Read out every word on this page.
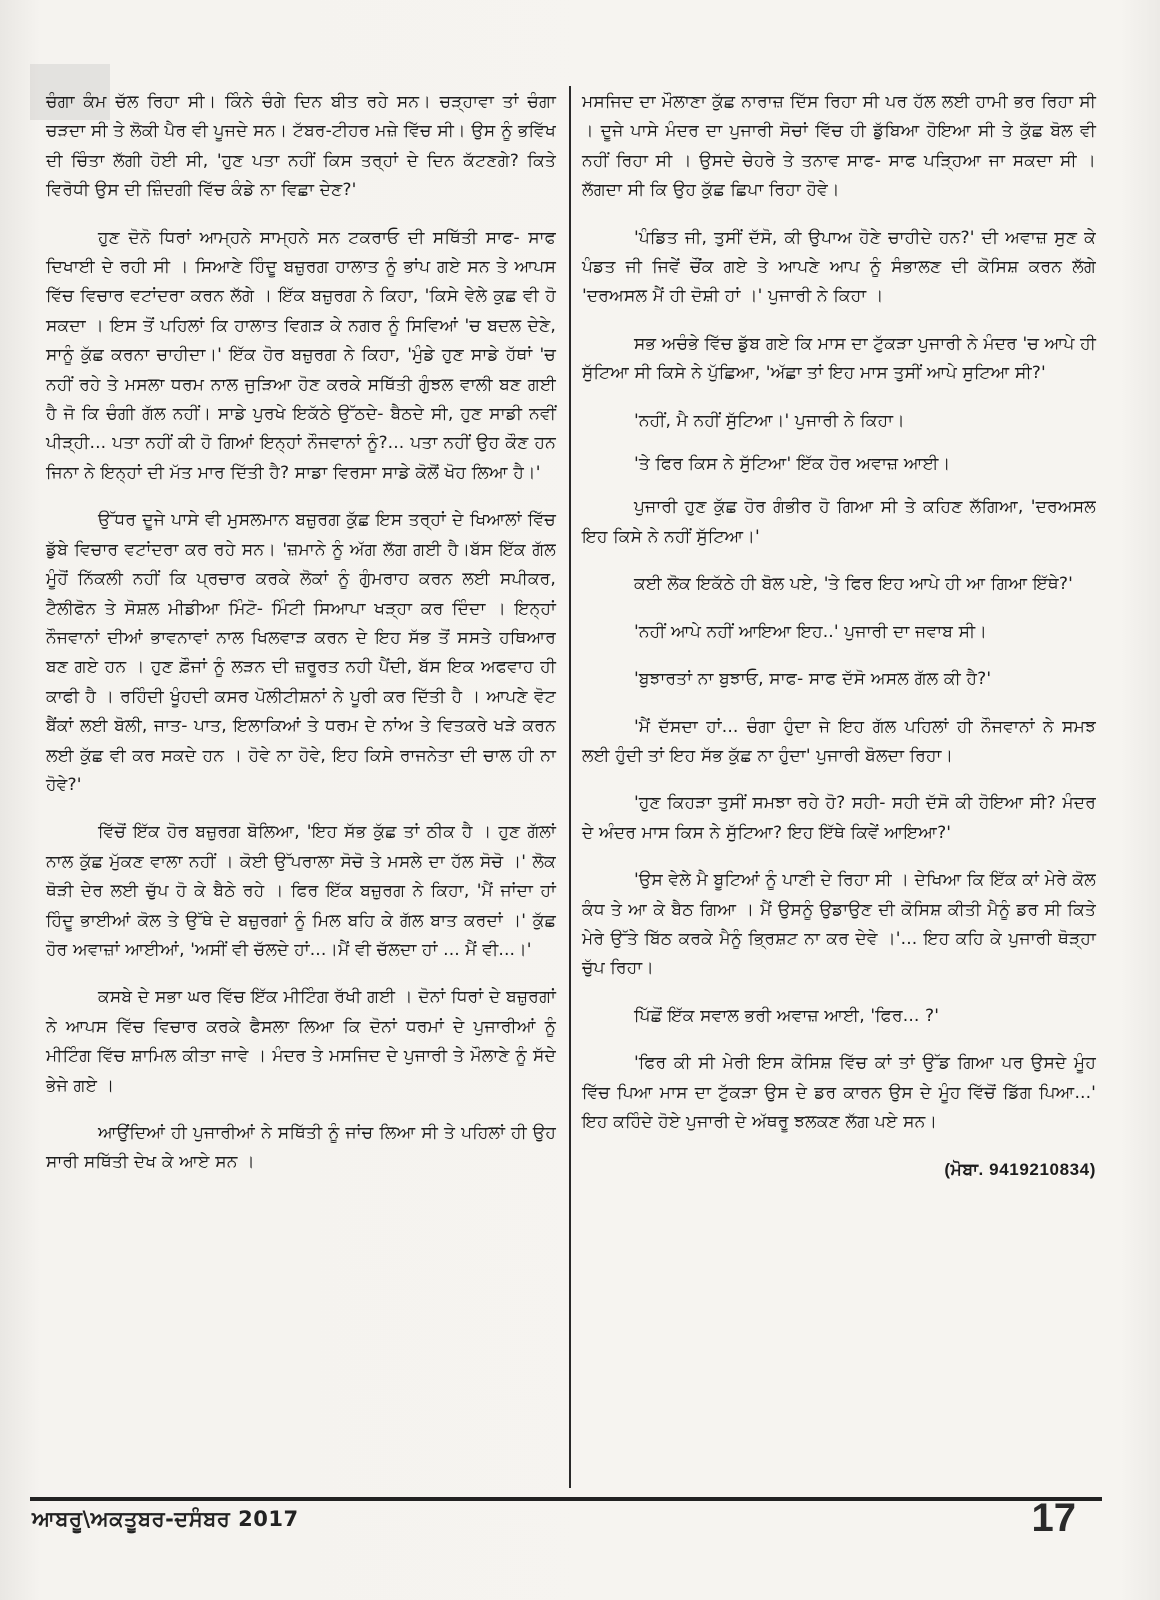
ਚੰਗਾ ਕੰਮ ਚੱਲ ਰਿਹਾ ਸੀ। ਕਿੰਨੇ ਚੰਗੇ ਦਿਨ ਬੀਤ ਰਹੇ ਸਨ। ਚੜ੍ਹਾਵਾ ਤਾਂ ਚੰਗਾ ਚੜਦਾ ਸੀ ਤੇ ਲੋਕੀ ਪੈਰ ਵੀ ਪੂਜਦੇ ਸਨ। ਟੱਬਰ-ਟੀਹਰ ਮਜ਼ੇ ਵਿੱਚ ਸੀ। ਉਸ ਨੂੰ ਭਵਿੱਖ ਦੀ ਚਿੰਤਾ ਲੱਗੀ ਹੋਈ ਸੀ, 'ਹੁਣ ਪਤਾ ਨਹੀਂ ਕਿਸ ਤਰ੍ਹਾਂ ਦੇ ਦਿਨ ਕੱਟਣਗੇ? ਕਿਤੇ ਵਿਰੋਧੀ ਉਸ ਦੀ ਜ਼ਿੰਦਗੀ ਵਿੱਚ ਕੰਡੇ ਨਾ ਵਿਛਾ ਦੇਣ?'

ਹੁਣ ਦੋਨੋ ਧਿਰਾਂ ਆਮ੍ਹਨੇ ਸਾਮ੍ਹਨੇ ਸਨ ਟਕਰਾਓ ਦੀ ਸਥਿੱਤੀ ਸਾਫ- ਸਾਫ ਦਿਖਾਈ ਦੇ ਰਹੀ ਸੀ । ਸਿਆਣੇ ਹਿੰਦੂ ਬਜ਼ੁਰਗ ਹਾਲਾਤ ਨੂੰ ਭਾਂਪ ਗਏ ਸਨ ਤੇ ਆਪਸ ਵਿੱਚ ਵਿਚਾਰ ਵਟਾਂਦਰਾ ਕਰਨ ਲੱਗੇ । ਇੱਕ ਬਜ਼ੁਰਗ ਨੇ ਕਿਹਾ, 'ਕਿਸੇ ਵੇਲੇ ਕੁਛ ਵੀ ਹੋ ਸਕਦਾ । ਇਸ ਤੋਂ ਪਹਿਲਾਂ ਕਿ ਹਾਲਾਤ ਵਿਗੜ ਕੇ ਨਗਰ ਨੂੰ ਸਿਵਿਆਂ 'ਚ ਬਦਲ ਦੇਣੇ, ਸਾਨੂੰ ਕੁੱਛ ਕਰਨਾ ਚਾਹੀਦਾ।' ਇੱਕ ਹੋਰ ਬਜ਼ੁਰਗ ਨੇ ਕਿਹਾ, 'ਮੁੰਡੇ ਹੁਣ ਸਾਡੇ ਹੱਥਾਂ 'ਚ ਨਹੀਂ ਰਹੇ ਤੇ ਮਸਲਾ ਧਰਮ ਨਾਲ ਜੁੜਿਆ ਹੋਣ ਕਰਕੇ ਸਥਿੱਤੀ ਗੁੰਝਲ ਵਾਲੀ ਬਣ ਗਈ ਹੈ ਜੋ ਕਿ ਚੰਗੀ ਗੱਲ ਨਹੀਂ। ਸਾਡੇ ਪੁਰਖੇ ਇਕੱਠੇ ਉੱਠਦੇ- ਬੈਠਦੇ ਸੀ, ਹੁਣ ਸਾਡੀ ਨਵੀਂ ਪੀੜ੍ਹੀ... ਪਤਾ ਨਹੀਂ ਕੀ ਹੋ ਗਿਆਂ ਇਨ੍ਹਾਂ ਨੌਜਵਾਨਾਂ ਨੂੰ?... ਪਤਾ ਨਹੀਂ ਉਹ ਕੌਣ ਹਨ ਜਿਨਾ ਨੇ ਇਨ੍ਹਾਂ ਦੀ ਮੱਤ ਮਾਰ ਦਿੱਤੀ ਹੈ? ਸਾਡਾ ਵਿਰਸਾ ਸਾਡੇ ਕੋਲੋਂ ਖੋਹ ਲਿਆ ਹੈ।'

ਉੱਧਰ ਦੂਜੇ ਪਾਸੇ ਵੀ ਮੁਸਲਮਾਨ ਬਜ਼ੁਰਗ ਕੁੱਛ ਇਸ ਤਰ੍ਹਾਂ ਦੇ ਖਿਆਲਾਂ ਵਿੱਚ ਡੁੱਬੇ ਵਿਚਾਰ ਵਟਾਂਦਰਾ ਕਰ ਰਹੇ ਸਨ। 'ਜ਼ਮਾਨੇ ਨੂੰ ਅੱਗ ਲੱਗ ਗਈ ਹੈ।ਬੱਸ ਇੱਕ ਗੱਲ ਮੂੰਹੋਂ ਨਿੱਕਲੀ ਨਹੀਂ ਕਿ ਪ੍ਰਚਾਰ ਕਰਕੇ ਲੋਕਾਂ ਨੂੰ ਗੁੰਮਰਾਹ ਕਰਨ ਲਈ ਸਪੀਕਰ, ਟੈਲੀਫੋਨ ਤੇ ਸੋਸ਼ਲ ਮੀਡੀਆ ਮਿੰਟੋ- ਮਿੰਟੀ ਸਿਆਪਾ ਖੜ੍ਹਾ ਕਰ ਦਿੰਦਾ । ਇਨ੍ਹਾਂ ਨੌਜਵਾਨਾਂ ਦੀਆਂ ਭਾਵਨਾਵਾਂ ਨਾਲ ਖਿਲਵਾੜ ਕਰਨ ਦੇ ਇਹ ਸੱਭ ਤੋਂ ਸਸਤੇ ਹਥਿਆਰ ਬਣ ਗਏ ਹਨ । ਹੁਣ ਫ਼ੌਜਾਂ ਨੂੰ ਲੜਨ ਦੀ ਜ਼ਰੂਰਤ ਨਹੀ ਪੈਂਦੀ, ਬੱਸ ਇਕ ਅਫਵਾਹ ਹੀ ਕਾਫੀ ਹੈ । ਰਹਿੰਦੀ ਖੂੰਹਦੀ ਕਸਰ ਪੋਲੀਟੀਸ਼ਨਾਂ ਨੇ ਪੂਰੀ ਕਰ ਦਿੱਤੀ ਹੈ । ਆਪਣੇ ਵੋਟ ਬੈਂਕਾਂ ਲਈ ਬੋਲੀ, ਜਾਤ- ਪਾਤ, ਇਲਾਕਿਆਂ ਤੇ ਧਰਮ ਦੇ ਨਾਂਅ ਤੇ ਵਿਤਕਰੇ ਖੜੇ ਕਰਨ ਲਈ ਕੁੱਛ ਵੀ ਕਰ ਸਕਦੇ ਹਨ । ਹੋਵੇ ਨਾ ਹੋਵੇ, ਇਹ ਕਿਸੇ ਰਾਜਨੇਤਾ ਦੀ ਚਾਲ ਹੀ ਨਾ ਹੋਵੇ?'

ਵਿੱਚੋਂ ਇੱਕ ਹੋਰ ਬਜ਼ੁਰਗ ਬੋਲਿਆ, 'ਇਹ ਸੱਭ ਕੁੱਛ ਤਾਂ ਠੀਕ ਹੈ । ਹੁਣ ਗੱਲਾਂ ਨਾਲ ਕੁੱਛ ਮੁੱਕਣ ਵਾਲਾ ਨਹੀਂ । ਕੋਈ ਉੱਪਰਾਲਾ ਸੋਚੋ ਤੇ ਮਸਲੇ ਦਾ ਹੱਲ ਸੋਚੋ ।' ਲੋਕ ਥੋੜੀ ਦੇਰ ਲਈ ਚੁੱਪ ਹੋ ਕੇ ਬੈਠੇ ਰਹੇ । ਫਿਰ ਇੱਕ ਬਜ਼ੁਰਗ ਨੇ ਕਿਹਾ, 'ਮੈਂ ਜਾਂਦਾ ਹਾਂ ਹਿੰਦੂ ਭਾਈਆਂ ਕੋਲ ਤੇ ਉੱਥੇ ਦੇ ਬਜ਼ੁਰਗਾਂ ਨੂੰ ਮਿਲ ਬਹਿ ਕੇ ਗੱਲ ਬਾਤ ਕਰਦਾਂ ।' ਕੁੱਛ ਹੋਰ ਅਵਾਜ਼ਾਂ ਆਈਆਂ, 'ਅਸੀਂ ਵੀ ਚੱਲਦੇ ਹਾਂ...।ਮੈਂ ਵੀ ਚੱਲਦਾ ਹਾਂ ... ਮੈਂ ਵੀ...।'

ਕਸਬੇ ਦੇ ਸਭਾ ਘਰ ਵਿੱਚ ਇੱਕ ਮੀਟਿੰਗ ਰੱਖੀ ਗਈ । ਦੋਨਾਂ ਧਿਰਾਂ ਦੇ ਬਜ਼ੁਰਗਾਂ ਨੇ ਆਪਸ ਵਿੱਚ ਵਿਚਾਰ ਕਰਕੇ ਫੈਸਲਾ ਲਿਆ ਕਿ ਦੋਨਾਂ ਧਰਮਾਂ ਦੇ ਪੁਜਾਰੀਆਂ ਨੂੰ ਮੀਟਿੰਗ ਵਿੱਚ ਸ਼ਾਮਿਲ ਕੀਤਾ ਜਾਵੇ । ਮੰਦਰ ਤੇ ਮਸਜਿਦ ਦੇ ਪੁਜਾਰੀ ਤੇ ਮੌਲਾਣੇ ਨੂੰ ਸੱਦੇ ਭੇਜੇ ਗਏ ।

ਆਉਂਦਿਆਂ ਹੀ ਪੁਜਾਰੀਆਂ ਨੇ ਸਥਿੱਤੀ ਨੂੰ ਜਾਂਚ ਲਿਆ ਸੀ ਤੇ ਪਹਿਲਾਂ ਹੀ ਉਹ ਸਾਰੀ ਸਥਿੱਤੀ ਦੇਖ ਕੇ ਆਏ ਸਨ ।

ਮਸਜਿਦ ਦਾ ਮੌਲਾਣਾ ਕੁੱਛ ਨਾਰਾਜ਼ ਦਿੱਸ ਰਿਹਾ ਸੀ ਪਰ ਹੱਲ ਲਈ ਹਾਮੀ ਭਰ ਰਿਹਾ ਸੀ । ਦੂਜੇ ਪਾਸੇ ਮੰਦਰ ਦਾ ਪੁਜਾਰੀ ਸੋਚਾਂ ਵਿੱਚ ਹੀ ਡੁੱਬਿਆ ਹੋਇਆ ਸੀ ਤੇ ਕੁੱਛ ਬੋਲ ਵੀ ਨਹੀਂ ਰਿਹਾ ਸੀ । ਉਸਦੇ ਚੇਹਰੇ ਤੇ ਤਨਾਵ ਸਾਫ- ਸਾਫ ਪੜ੍ਹਿਆ ਜਾ ਸਕਦਾ ਸੀ । ਲੱਗਦਾ ਸੀ ਕਿ ਉਹ ਕੁੱਛ ਛਿਪਾ ਰਿਹਾ ਹੋਵੇ।

'ਪੰਡਿਤ ਜੀ, ਤੁਸੀਂ ਦੱਸੋ, ਕੀ ਉਪਾਅ ਹੋਣੇ ਚਾਹੀਦੇ ਹਨ?' ਦੀ ਅਵਾਜ਼ ਸੁਣ ਕੇ ਪੰਡਤ ਜੀ ਜਿਵੇਂ ਚੌਂਕ ਗਏ ਤੇ ਆਪਣੇ ਆਪ ਨੂੰ ਸੰਭਾਲਣ ਦੀ ਕੋਸਿਸ਼ ਕਰਨ ਲੱਗੇ 'ਦਰਅਸਲ ਮੈਂ ਹੀ ਦੋਸ਼ੀ ਹਾਂ ।' ਪੁਜਾਰੀ ਨੇ ਕਿਹਾ ।

ਸਭ ਅਚੰਭੇ ਵਿੱਚ ਡੁੱਬ ਗਏ ਕਿ ਮਾਸ ਦਾ ਟੁੱਕੜਾ ਪੁਜਾਰੀ ਨੇ ਮੰਦਰ 'ਚ ਆਪੇ ਹੀ ਸੁੱਟਿਆ ਸੀ ਕਿਸੇ ਨੇ ਪੁੱਛਿਆ, 'ਅੱਛਾ ਤਾਂ ਇਹ ਮਾਸ ਤੁਸੀਂ ਆਪੇ ਸੁਟਿਆ ਸੀ?'

'ਨਹੀਂ, ਮੈ ਨਹੀਂ ਸੁੱਟਿਆ।' ਪੁਜਾਰੀ ਨੇ ਕਿਹਾ।

'ਤੇ ਫਿਰ ਕਿਸ ਨੇ ਸੁੱਟਿਆ' ਇੱਕ ਹੋਰ ਅਵਾਜ਼ ਆਈ।

ਪੁਜਾਰੀ ਹੁਣ ਕੁੱਛ ਹੋਰ ਗੰਭੀਰ ਹੋ ਗਿਆ ਸੀ ਤੇ ਕਹਿਣ ਲੱਗਿਆ, 'ਦਰਅਸਲ ਇਹ ਕਿਸੇ ਨੇ ਨਹੀਂ ਸੁੱਟਿਆ।'

ਕਈ ਲੋਕ ਇਕੱਠੇ ਹੀ ਬੋਲ ਪਏ, 'ਤੇ ਫਿਰ ਇਹ ਆਪੇ ਹੀ ਆ ਗਿਆ ਇੱਥੇ?'

'ਨਹੀਂ ਆਪੇ ਨਹੀਂ ਆਇਆ ਇਹ..' ਪੁਜਾਰੀ ਦਾ ਜਵਾਬ ਸੀ।

'ਬੁਝਾਰਤਾਂ ਨਾ ਬੁਝਾਓ, ਸਾਫ- ਸਾਫ ਦੱਸੋ ਅਸਲ ਗੱਲ ਕੀ ਹੈ?'

'ਮੈਂ ਦੱਸਦਾ ਹਾਂ... ਚੰਗਾ ਹੁੰਦਾ ਜੇ ਇਹ ਗੱਲ ਪਹਿਲਾਂ ਹੀ ਨੌਜਵਾਨਾਂ ਨੇ ਸਮਝ ਲਈ ਹੁੰਦੀ ਤਾਂ ਇਹ ਸੱਭ ਕੁੱਛ ਨਾ ਹੁੰਦਾ' ਪੁਜਾਰੀ ਬੋਲਦਾ ਰਿਹਾ।

'ਹੁਣ ਕਿਹੜਾ ਤੁਸੀਂ ਸਮਝਾ ਰਹੇ ਹੋ? ਸਹੀ- ਸਹੀ ਦੱਸੋ ਕੀ ਹੋਇਆ ਸੀ? ਮੰਦਰ ਦੇ ਅੰਦਰ ਮਾਸ ਕਿਸ ਨੇ ਸੁੱਟਿਆ? ਇਹ ਇੱਥੇ ਕਿਵੇਂ ਆਇਆ?'

'ਉਸ ਵੇਲੇ ਮੈ ਬੂਟਿਆਂ ਨੂੰ ਪਾਣੀ ਦੇ ਰਿਹਾ ਸੀ । ਦੇਖਿਆ ਕਿ ਇੱਕ ਕਾਂ ਮੇਰੇ ਕੋਲ ਕੰਧ ਤੇ ਆ ਕੇ ਬੈਠ ਗਿਆ । ਮੈਂ ਉਸਨੂੰ ਉਡਾਉਣ ਦੀ ਕੋਸਿਸ਼ ਕੀਤੀ ਮੈਨੂੰ ਡਰ ਸੀ ਕਿਤੇ ਮੇਰੇ ਉੱਤੇ ਬਿੱਠ ਕਰਕੇ ਮੈਨੂੰ ਭ੍ਰਿਸ਼ਟ ਨਾ ਕਰ ਦੇਵੇ ।'... ਇਹ ਕਹਿ ਕੇ ਪੁਜਾਰੀ ਥੋੜ੍ਹਾ ਚੁੱਪ ਰਿਹਾ।

ਪਿੱਛੋਂ ਇੱਕ ਸਵਾਲ ਭਰੀ ਅਵਾਜ਼ ਆਈ, 'ਫਿਰ... ?'

'ਫਿਰ ਕੀ ਸੀ ਮੇਰੀ ਇਸ ਕੋਸਿਸ਼ ਵਿੱਚ ਕਾਂ ਤਾਂ ਉੱਡ ਗਿਆ ਪਰ ਉਸਦੇ ਮੂੰਹ ਵਿੱਚ ਪਿਆ ਮਾਸ ਦਾ ਟੁੱਕੜਾ ਉਸ ਦੇ ਡਰ ਕਾਰਨ ਉਸ ਦੇ ਮੂੰਹ ਵਿੱਚੋਂ ਡਿੱਗ ਪਿਆ...' ਇਹ ਕਹਿੰਦੇ ਹੋਏ ਪੁਜਾਰੀ ਦੇ ਅੱਥਰੂ ਝਲਕਣ ਲੱਗ ਪਏ ਸਨ।

(ਮੋਬਾ. 9419210834)
ਆਬਰੂ\ਅਕਤੂਬਰ-ਦਸੰਬਰ 2017	17
